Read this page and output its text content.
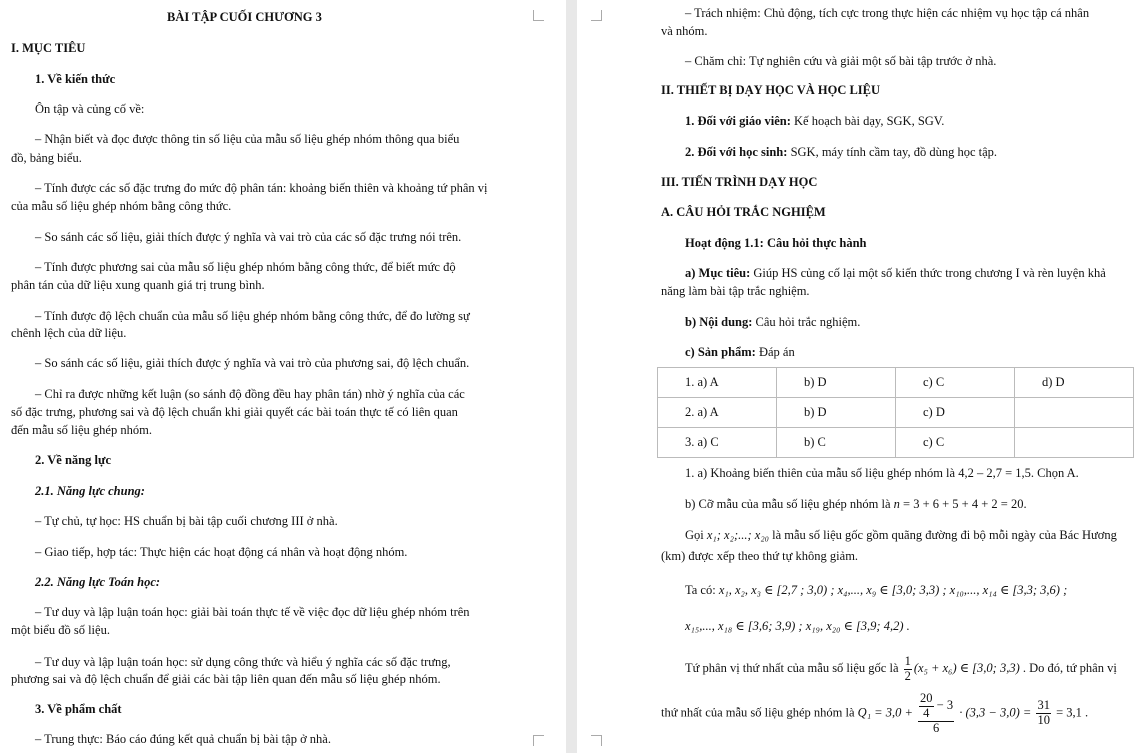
BÀI TẬP CUỐI CHƯƠNG 3
I. MỤC TIÊU
1. Về kiến thức
Ôn tập và củng cố về:
– Nhận biết và đọc được thông tin số liệu của mẫu số liệu ghép nhóm thông qua biểu
đồ, bảng biểu.
– Tính được các số đặc trưng đo mức độ phân tán: khoảng biến thiên và khoảng tứ phân vị
của mẫu số liệu ghép nhóm bằng công thức.
– So sánh các số liệu, giải thích được ý nghĩa và vai trò của các số đặc trưng nói trên.
– Tính được phương sai của mẫu số liệu ghép nhóm bằng công thức, để biết mức độ
phân tán của dữ liệu xung quanh giá trị trung bình.
– Tính được độ lệch chuẩn của mẫu số liệu ghép nhóm bằng công thức, để đo lường sự
chênh lệch của dữ liệu.
– So sánh các số liệu, giải thích được ý nghĩa và vai trò của phương sai, độ lệch chuẩn.
– Chỉ ra được những kết luận (so sánh độ đồng đều hay phân tán) nhờ ý nghĩa của các
số đặc trưng, phương sai và độ lệch chuẩn khi giải quyết các bài toán thực tế có liên quan
đến mẫu số liệu ghép nhóm.
2. Về năng lực
2.1. Năng lực chung:
– Tự chủ, tự học: HS chuẩn bị bài tập cuối chương III ở nhà.
– Giao tiếp, hợp tác: Thực hiện các hoạt động cá nhân và hoạt động nhóm.
2.2. Năng lực Toán học:
– Tư duy và lập luận toán học: giải bài toán thực tế về việc đọc dữ liệu ghép nhóm trên
một biểu đồ số liệu.
– Tư duy và lập luận toán học: sử dụng công thức và hiểu ý nghĩa các số đặc trưng,
phương sai và độ lệch chuẩn để giải các bài tập liên quan đến mẫu số liệu ghép nhóm.
3. Về phẩm chất
– Trung thực: Báo cáo đúng kết quả chuẩn bị bài tập ở nhà.
– Trách nhiệm: Chủ động, tích cực trong thực hiện các nhiệm vụ học tập cá nhân
và nhóm.
– Chăm chỉ: Tự nghiên cứu và giải một số bài tập trước ở nhà.
II. THIẾT BỊ DẠY HỌC VÀ HỌC LIỆU
1. Đối với giáo viên: Kế hoạch bài dạy, SGK, SGV.
2. Đối với học sinh: SGK, máy tính cầm tay, đồ dùng học tập.
III. TIẾN TRÌNH DẠY HỌC
A. CÂU HỎI TRẮC NGHIỆM
Hoạt động 1.1: Câu hỏi thực hành
a) Mục tiêu: Giúp HS củng cố lại một số kiến thức trong chương I và rèn luyện khả
năng làm bài tập trắc nghiệm.
b) Nội dung: Câu hỏi trắc nghiệm.
c) Sản phẩm: Đáp án
1. a) A	b) D	c) C	d) D
2. a) A	b) D	c) D	
3. a) C	b) C	c) C	
1. a) Khoảng biến thiên của mẫu số liệu ghép nhóm là 4,2 – 2,7 = 1,5. Chọn A.
b) Cỡ mẫu của mẫu số liệu ghép nhóm là n = 3 + 6 + 5 + 4 + 2 = 20.
Gọi x₁; x₂;...; x₂₀ là mẫu số liệu gốc gồm quãng đường đi bộ mỗi ngày của Bác Hương
(km) được xếp theo thứ tự không giảm.
Ta có: x₁, x₂, x₃ ∈ [2,7 ; 3,0) ; x₄,..., x₉ ∈ [3,0; 3,3) ; x₁₀,..., x₁₄ ∈ [3,3; 3,6) ;
x₁₅,..., x₁₈ ∈ [3,6; 3,9) ; x₁₉, x₂₀ ∈ [3,9; 4,2) .
Tứ phân vị thứ nhất của mẫu số liệu gốc là $\frac{1}{2} (x_5 + x_6)$ ∈ [3,0; 3,3) . Do đó, tứ phân vị
thứ nhất của mẫu số liệu ghép nhóm là $Q_1 = 3,0 + \frac{\frac{20}{4} - 3}{6} \cdot (3,3 - 3,0) = \frac{31}{10} = 3,1$ .
